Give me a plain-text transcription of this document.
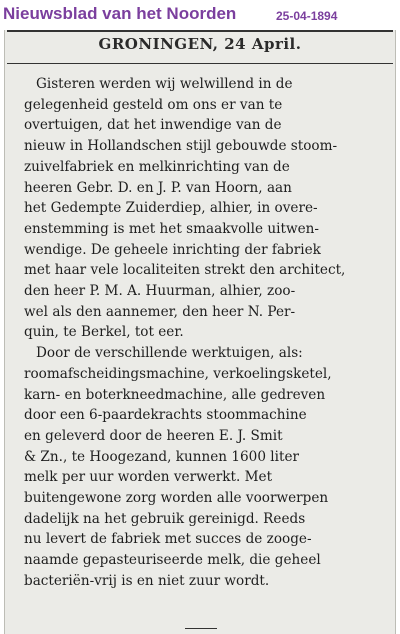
Nieuwsblad van het Noorden	25-04-1894
GRONINGEN, 24 April.
Gisteren werden wij welwillend in de
gelegenheid gesteld om ons er van te
overtuigen, dat het inwendige van de
nieuw in Hollandschen stijl gebouwde stoom-
zuivelfabriek en melkinrichting van de
heeren Gebr. D. en J. P. van Hoorn, aan
het Gedempte Zuiderdiep, alhier, in overe-
enstemming is met het smaakvolle uitwen-
wendige. De geheele inrichting der fabriek
met haar vele localiteiten strekt den architect,
den heer P. M. A. Huurman, alhier, zoo-
wel als den aannemer, den heer N. Per-
quin, te Berkel, tot eer.
Door de verschillende werktuigen, als:
roomafscheidingsmachine, verkoelingsketel,
karn- en boterkneedmachine, alle gedreven
door een 6-paardekrachts stoommachine
en geleverd door de heeren E. J. Smit
& Zn., te Hoogezand, kunnen 1600 liter
melk per uur worden verwerkt. Met
buitengewone zorg worden alle voorwerpen
dadelijk na het gebruik gereinigd. Reeds
nu levert de fabriek met succes de zooge-
naamde gepasteuriseerde melk, die geheel
bacteriën-vrij is en niet zuur wordt.
